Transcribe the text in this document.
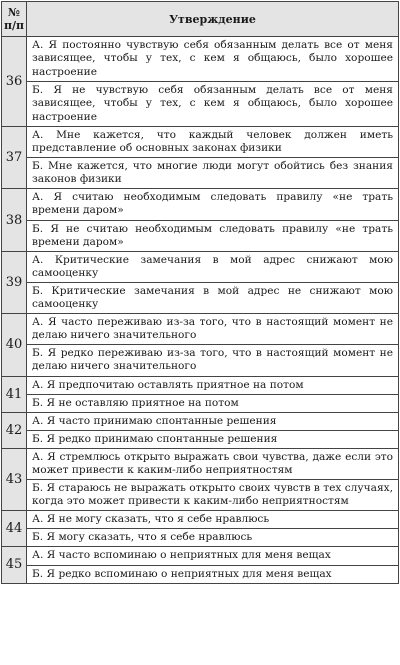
№ п/п	Утверждение
36	А. Я постоянно чувствую себя обязанным делать все от меня зависящее, чтобы у тех, с кем я общаюсь, было хорошее настроение
	Б. Я не чувствую себя обязанным делать все от меня зависящее, чтобы у тех, с кем я общаюсь, было хорошее настроение
37	А. Мне кажется, что каждый человек должен иметь представление об основных законах физики
	Б. Мне кажется, что многие люди могут обойтись без знания законов физики
38	А. Я считаю необходимым следовать правилу «не трать времени даром»
	Б. Я не считаю необходимым следовать правилу «не трать времени даром»
39	А. Критические замечания в мой адрес снижают мою самооценку
	Б. Критические замечания в мой адрес не снижают мою самооценку
40	А. Я часто переживаю из-за того, что в настоящий момент не делаю ничего значительного
	Б. Я редко переживаю из-за того, что в настоящий момент не делаю ничего значительного
41	А. Я предпочитаю оставлять приятное на потом
	Б. Я не оставляю приятное на потом
42	А. Я часто принимаю спонтанные решения
	Б. Я редко принимаю спонтанные решения
43	А. Я стремлюсь открыто выражать свои чувства, даже если это может привести к каким-либо неприятностям
	Б. Я стараюсь не выражать открыто своих чувств в тех случаях, когда это может привести к каким-либо неприятностям
44	А. Я не могу сказать, что я себе нравлюсь
	Б. Я могу сказать, что я себе нравлюсь
45	А. Я часто вспоминаю о неприятных для меня вещах
	Б. Я редко вспоминаю о неприятных для меня вещах
